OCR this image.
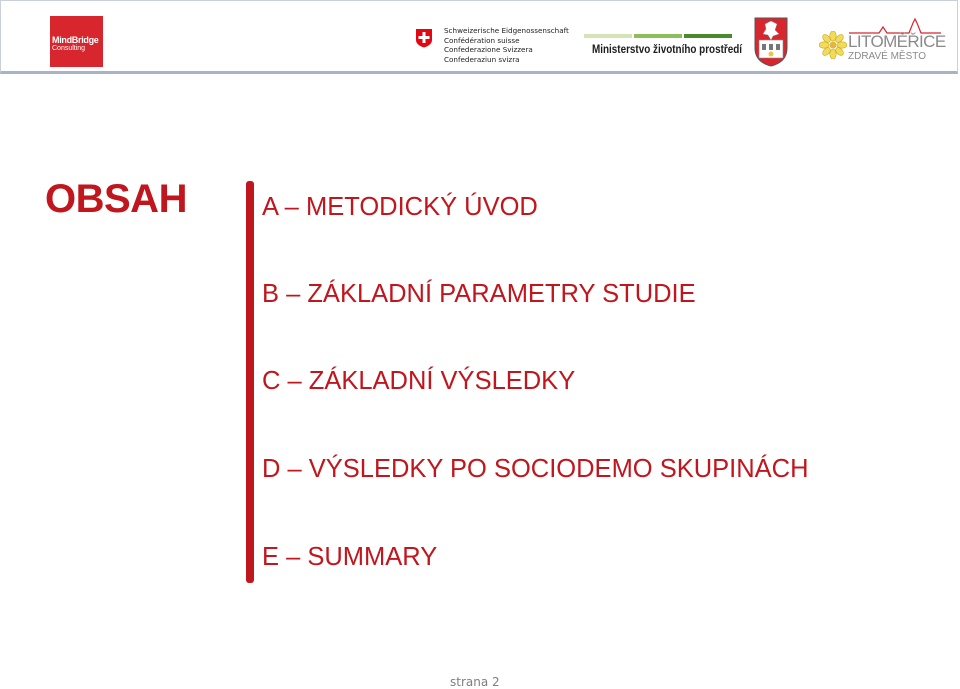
MindBridge
Consulting
Schweizerische Eidgenossenschaft
Confédération suisse
Confederazione Svizzera
Confederaziun svizra
Ministerstvo životního prostředí	LITOMĚŘICE
ZDRAVÉ MĚSTO
OBSAH	A – METODICKÝ ÚVOD
B – ZÁKLADNÍ PARAMETRY STUDIE
C – ZÁKLADNÍ VÝSLEDKY
D – VÝSLEDKY PO SOCIODEMO SKUPINÁCH
E – SUMMARY
strana 2
